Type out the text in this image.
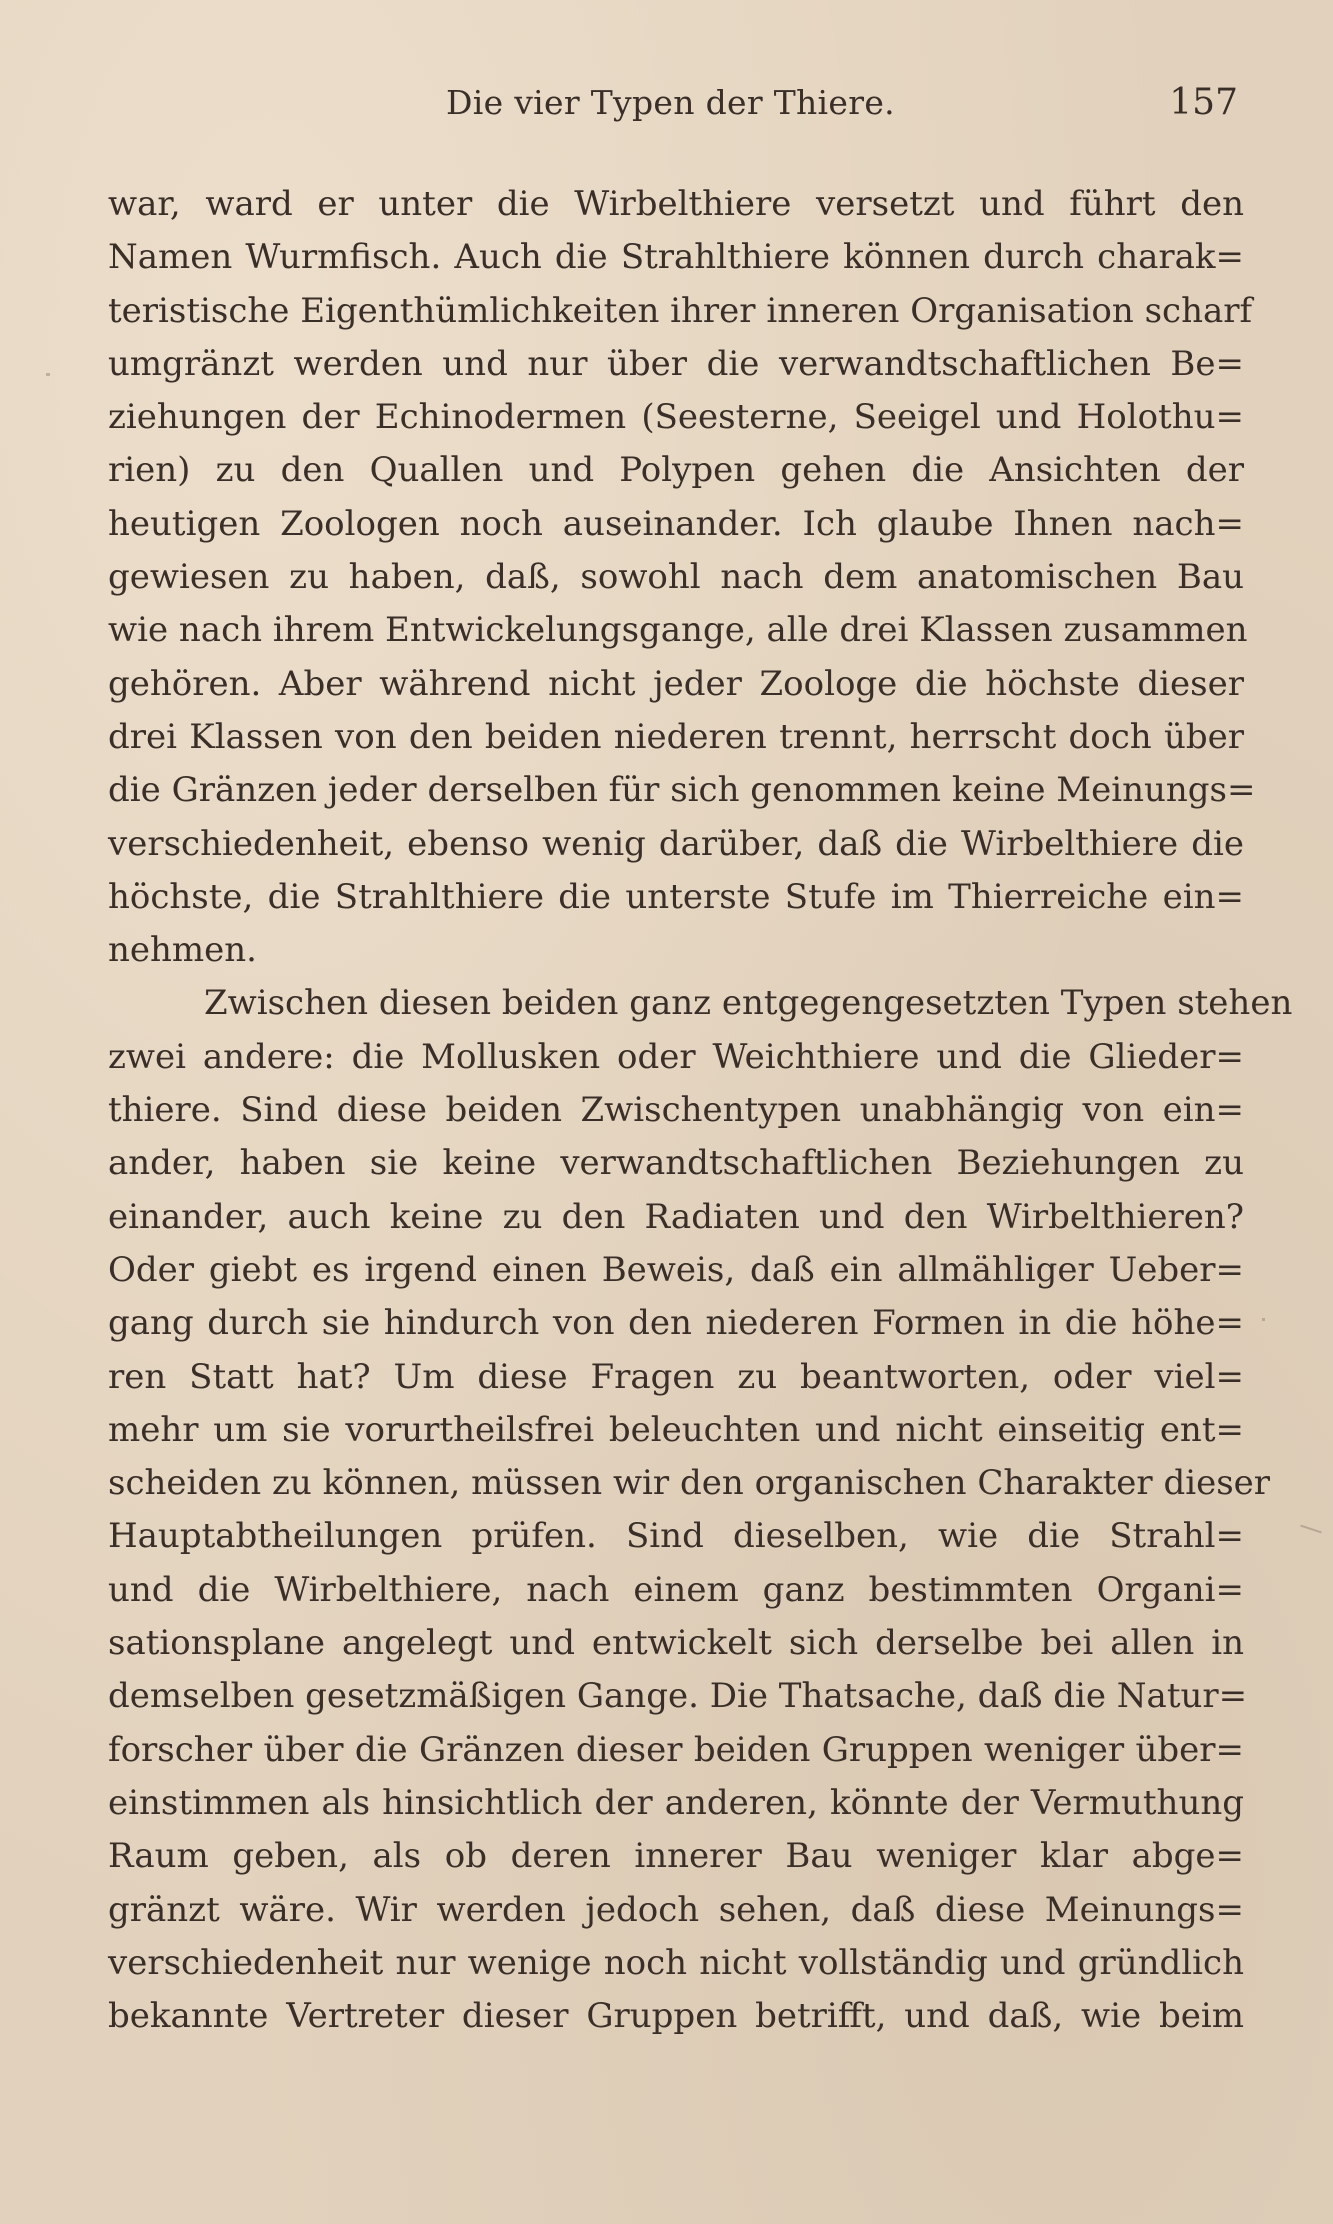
Die vier Typen der Thiere.	157
war, ward er unter die Wirbelthiere versetzt und führt den
Namen Wurmfisch. Auch die Strahlthiere können durch charak=
teristische Eigenthümlichkeiten ihrer inneren Organisation scharf
umgränzt werden und nur über die verwandtschaftlichen Be=
ziehungen der Echinodermen (Seesterne, Seeigel und Holothu=
rien) zu den Quallen und Polypen gehen die Ansichten der
heutigen Zoologen noch auseinander. Ich glaube Ihnen nach=
gewiesen zu haben, daß, sowohl nach dem anatomischen Bau
wie nach ihrem Entwickelungsgange, alle drei Klassen zusammen
gehören. Aber während nicht jeder Zoologe die höchste dieser
drei Klassen von den beiden niederen trennt, herrscht doch über
die Gränzen jeder derselben für sich genommen keine Meinungs=
verschiedenheit, ebenso wenig darüber, daß die Wirbelthiere die
höchste, die Strahlthiere die unterste Stufe im Thierreiche ein=
nehmen.
Zwischen diesen beiden ganz entgegengesetzten Typen stehen
zwei andere: die Mollusken oder Weichthiere und die Glieder=
thiere. Sind diese beiden Zwischentypen unabhängig von ein=
ander, haben sie keine verwandtschaftlichen Beziehungen zu
einander, auch keine zu den Radiaten und den Wirbelthieren?
Oder giebt es irgend einen Beweis, daß ein allmähliger Ueber=
gang durch sie hindurch von den niederen Formen in die höhe=
ren Statt hat? Um diese Fragen zu beantworten, oder viel=
mehr um sie vorurtheilsfrei beleuchten und nicht einseitig ent=
scheiden zu können, müssen wir den organischen Charakter dieser
Hauptabtheilungen prüfen. Sind dieselben, wie die Strahl=
und die Wirbelthiere, nach einem ganz bestimmten Organi=
sationsplane angelegt und entwickelt sich derselbe bei allen in
demselben gesetzmäßigen Gange. Die Thatsache, daß die Natur=
forscher über die Gränzen dieser beiden Gruppen weniger über=
einstimmen als hinsichtlich der anderen, könnte der Vermuthung
Raum geben, als ob deren innerer Bau weniger klar abge=
gränzt wäre. Wir werden jedoch sehen, daß diese Meinungs=
verschiedenheit nur wenige noch nicht vollständig und gründlich
bekannte Vertreter dieser Gruppen betrifft, und daß, wie beim
